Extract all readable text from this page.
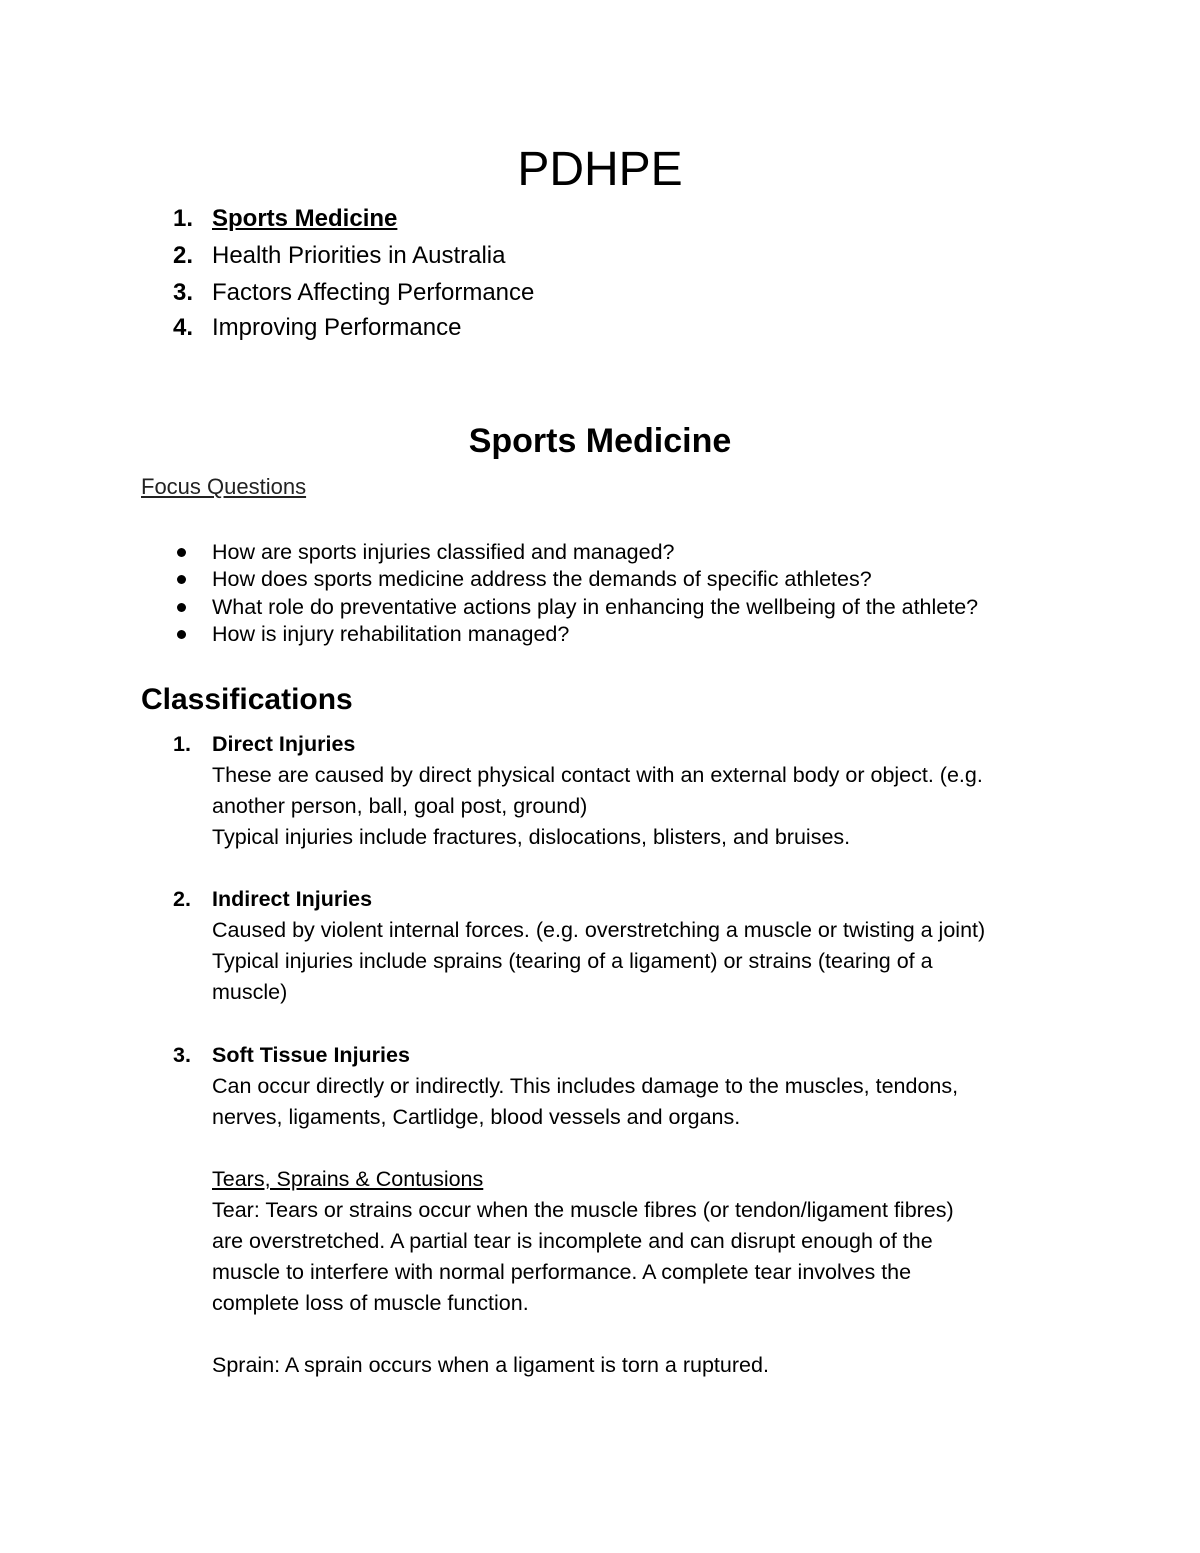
PDHPE
1. Sports Medicine
2. Health Priorities in Australia
3. Factors Affecting Performance
4. Improving Performance
Sports Medicine

Focus Questions

How are sports injuries classified and managed?
How does sports medicine address the demands of specific athletes?
What role do preventative actions play in enhancing the wellbeing of the athlete?
How is injury rehabilitation managed?
Classifications
1. Direct Injuries

These are caused by direct physical contact with an external body or object. (e.g.

another person, ball, goal post, ground)

Typical injuries include fractures, dislocations, blisters, and bruises.

2. Indirect Injuries

Caused by violent internal forces. (e.g. overstretching a muscle or twisting a joint)

Typical injuries include sprains (tearing of a ligament) or strains (tearing of a

muscle)

3. Soft Tissue Injuries

Can occur directly or indirectly. This includes damage to the muscles, tendons,

nerves, ligaments, Cartlidge, blood vessels and organs.

Tears, Sprains & Contusions

Tear: Tears or strains occur when the muscle fibres (or tendon/ligament fibres)

are overstretched. A partial tear is incomplete and can disrupt enough of the

muscle to interfere with normal performance. A complete tear involves the

complete loss of muscle function.

Sprain: A sprain occurs when a ligament is torn a ruptured.
